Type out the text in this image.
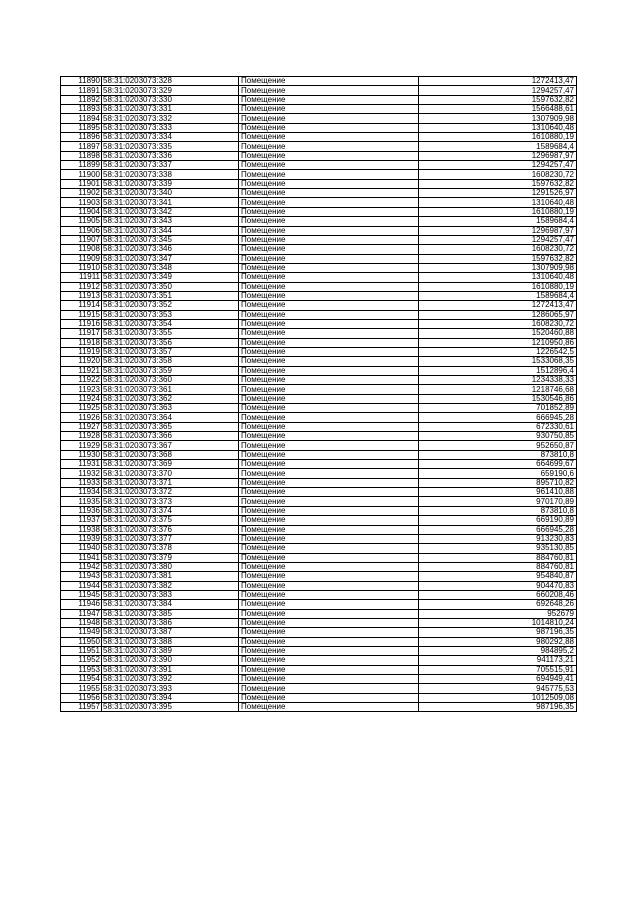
11890	58:31:0203073:328	Помещение	1272413,47
11891	58:31:0203073:329	Помещение	1294257,47
11892	58:31:0203073:330	Помещение	1597632,82
11893	58:31:0203073:331	Помещение	1566488,61
11894	58:31:0203073:332	Помещение	1307909,98
11895	58:31:0203073:333	Помещение	1310640,48
11896	58:31:0203073:334	Помещение	1610880,19
11897	58:31:0203073:335	Помещение	1589684,4
11898	58:31:0203073:336	Помещение	1296987,97
11899	58:31:0203073:337	Помещение	1294257,47
11900	58:31:0203073:338	Помещение	1608230,72
11901	58:31:0203073:339	Помещение	1597632,82
11902	58:31:0203073:340	Помещение	1291526,97
11903	58:31:0203073:341	Помещение	1310640,48
11904	58:31:0203073:342	Помещение	1610880,19
11905	58:31:0203073:343	Помещение	1589684,4
11906	58:31:0203073:344	Помещение	1296987,97
11907	58:31:0203073:345	Помещение	1294257,47
11908	58:31:0203073:346	Помещение	1608230,72
11909	58:31:0203073:347	Помещение	1597632,82
11910	58:31:0203073:348	Помещение	1307909,98
11911	58:31:0203073:349	Помещение	1310640,48
11912	58:31:0203073:350	Помещение	1610880,19
11913	58:31:0203073:351	Помещение	1589684,4
11914	58:31:0203073:352	Помещение	1272413,47
11915	58:31:0203073:353	Помещение	1286065,97
11916	58:31:0203073:354	Помещение	1608230,72
11917	58:31:0203073:355	Помещение	1520460,88
11918	58:31:0203073:356	Помещение	1210950,86
11919	58:31:0203073:357	Помещение	1226542,5
11920	58:31:0203073:358	Помещение	1533068,35
11921	58:31:0203073:359	Помещение	1512896,4
11922	58:31:0203073:360	Помещение	1234338,33
11923	58:31:0203073:361	Помещение	1218746,68
11924	58:31:0203073:362	Помещение	1530546,86
11925	58:31:0203073:363	Помещение	701852,89
11926	58:31:0203073:364	Помещение	666945,28
11927	58:31:0203073:365	Помещение	672330,61
11928	58:31:0203073:366	Помещение	930750,85
11929	58:31:0203073:367	Помещение	952650,87
11930	58:31:0203073:368	Помещение	873810,8
11931	58:31:0203073:369	Помещение	664699,67
11932	58:31:0203073:370	Помещение	659190,6
11933	58:31:0203073:371	Помещение	895710,82
11934	58:31:0203073:372	Помещение	961410,88
11935	58:31:0203073:373	Помещение	970170,89
11936	58:31:0203073:374	Помещение	873810,8
11937	58:31:0203073:375	Помещение	669190,89
11938	58:31:0203073:376	Помещение	666945,28
11939	58:31:0203073:377	Помещение	913230,83
11940	58:31:0203073:378	Помещение	935130,85
11941	58:31:0203073:379	Помещение	884760,81
11942	58:31:0203073:380	Помещение	884760,81
11943	58:31:0203073:381	Помещение	954840,87
11944	58:31:0203073:382	Помещение	904470,83
11945	58:31:0203073:383	Помещение	660208,46
11946	58:31:0203073:384	Помещение	692648,26
11947	58:31:0203073:385	Помещение	952679
11948	58:31:0203073:386	Помещение	1014810,24
11949	58:31:0203073:387	Помещение	987196,35
11950	58:31:0203073:388	Помещение	980292,88
11951	58:31:0203073:389	Помещение	984895,2
11952	58:31:0203073:390	Помещение	941173,21
11953	58:31:0203073:391	Помещение	705515,91
11954	58:31:0203073:392	Помещение	694949,41
11955	58:31:0203073:393	Помещение	945775,53
11956	58:31:0203073:394	Помещение	1012509,08
11957	58:31:0203073:395	Помещение	987196,35
